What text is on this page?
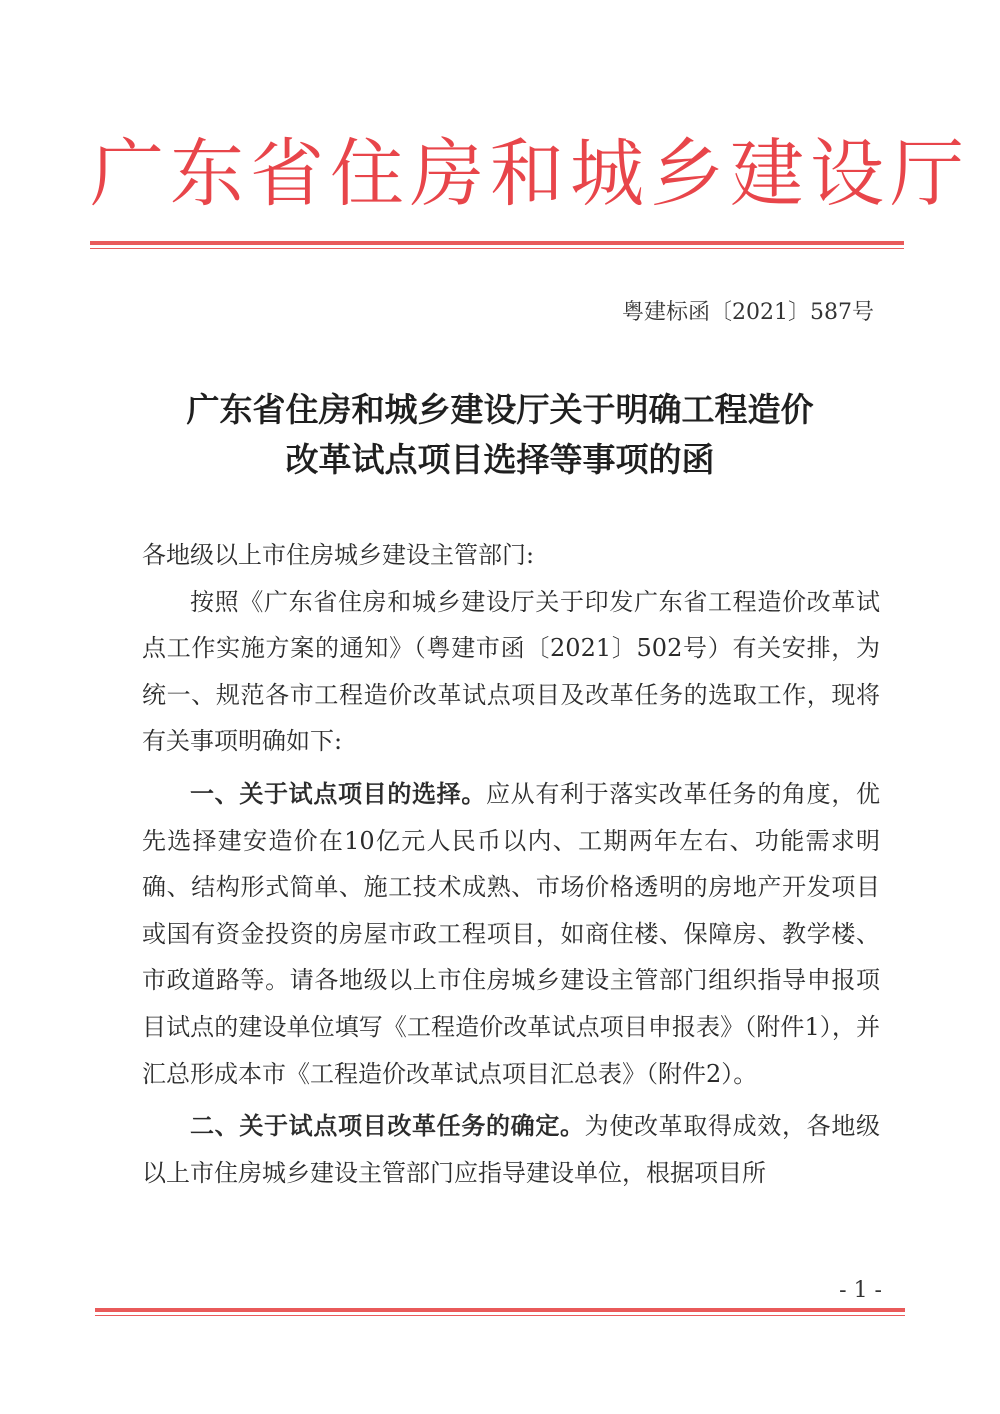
广东省住房和城乡建设厅
粤建标函〔2021〕587号
广东省住房和城乡建设厅关于明确工程造价
改革试点项目选择等事项的函

各地级以上市住房城乡建设主管部门:

按照《广东省住房和城乡建设厅关于印发广东省工程造价改革试点工作实施方案的通知》（粤建市函〔2021〕502号）有关安排，为统一、规范各市工程造价改革试点项目及改革任务的选取工作，现将有关事项明确如下:

一、关于试点项目的选择。应从有利于落实改革任务的角度，优先选择建安造价在10亿元人民币以内、工期两年左右、功能需求明确、结构形式简单、施工技术成熟、市场价格透明的房地产开发项目或国有资金投资的房屋市政工程项目，如商住楼、保障房、教学楼、市政道路等。请各地级以上市住房城乡建设主管部门组织指导申报项目试点的建设单位填写《工程造价改革试点项目申报表》（附件1），并汇总形成本市《工程造价改革试点项目汇总表》（附件2）。

二、关于试点项目改革任务的确定。为使改革取得成效，各地级以上市住房城乡建设主管部门应指导建设单位，根据项目所

- 1 -
